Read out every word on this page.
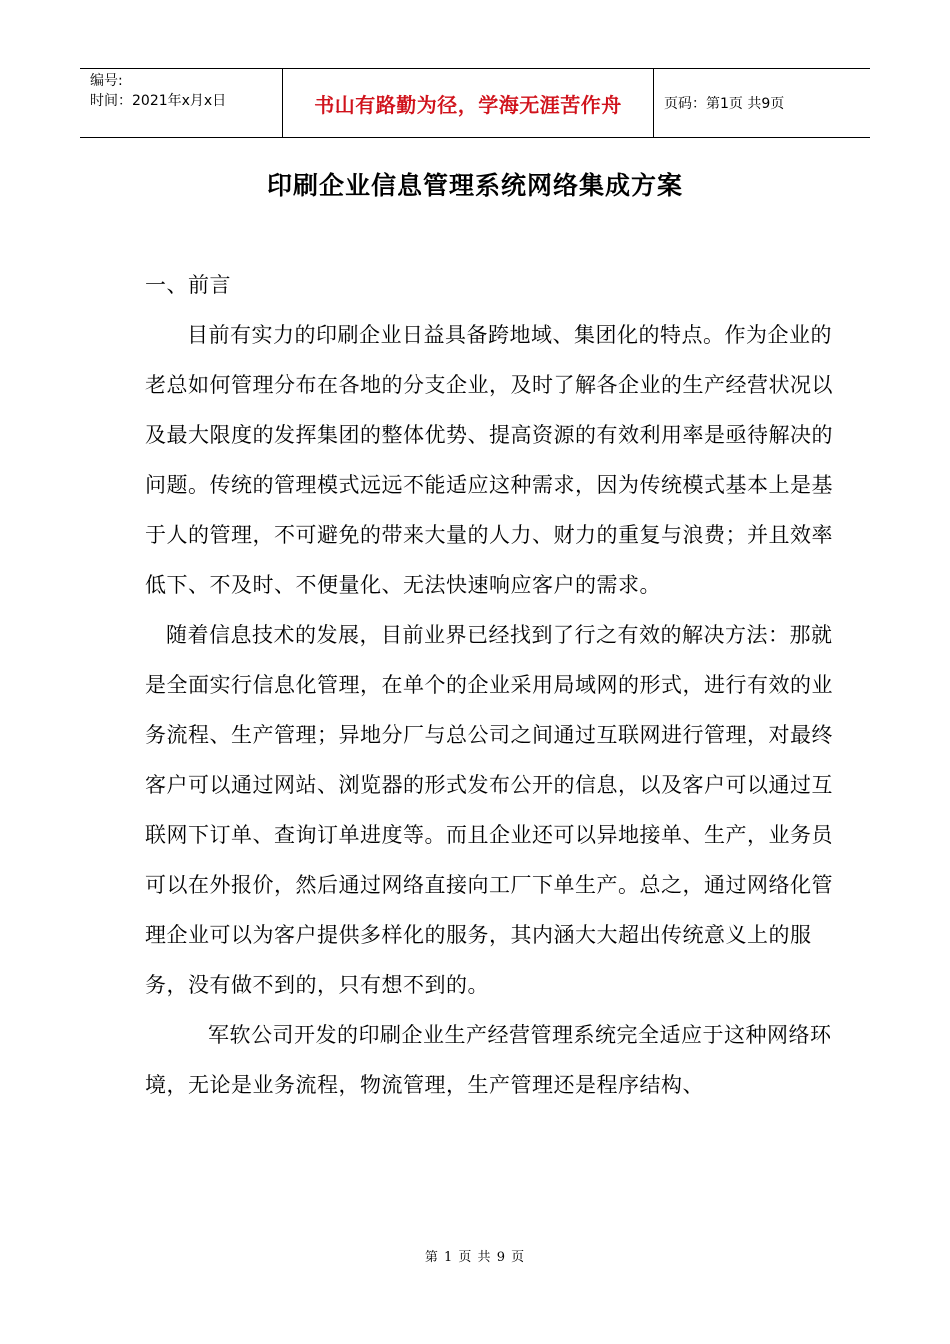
编号:
时间：2021年x月x日	书山有路勤为径，学海无涯苦作舟	页码：第1页 共9页
印刷企业信息管理系统网络集成方案

一、前言

目前有实力的印刷企业日益具备跨地域、集团化的特点。作为企业的老总如何管理分布在各地的分支企业，及时了解各企业的生产经营状况以及最大限度的发挥集团的整体优势、提高资源的有效利用率是亟待解决的问题。传统的管理模式远远不能适应这种需求，因为传统模式基本上是基于人的管理，不可避免的带来大量的人力、财力的重复与浪费；并且效率低下、不及时、不便量化、无法快速响应客户的需求。

随着信息技术的发展，目前业界已经找到了行之有效的解决方法：那就是全面实行信息化管理，在单个的企业采用局域网的形式，进行有效的业务流程、生产管理；异地分厂与总公司之间通过互联网进行管理，对最终客户可以通过网站、浏览器的形式发布公开的信息，以及客户可以通过互联网下订单、查询订单进度等。而且企业还可以异地接单、生产，业务员可以在外报价，然后通过网络直接向工厂下单生产。总之，通过网络化管理企业可以为客户提供多样化的服务，其内涵大大超出传统意义上的服务，没有做不到的，只有想不到的。

军软公司开发的印刷企业生产经营管理系统完全适应于这种网络环境，无论是业务流程，物流管理，生产管理还是程序结构、

第 1 页 共 9 页
